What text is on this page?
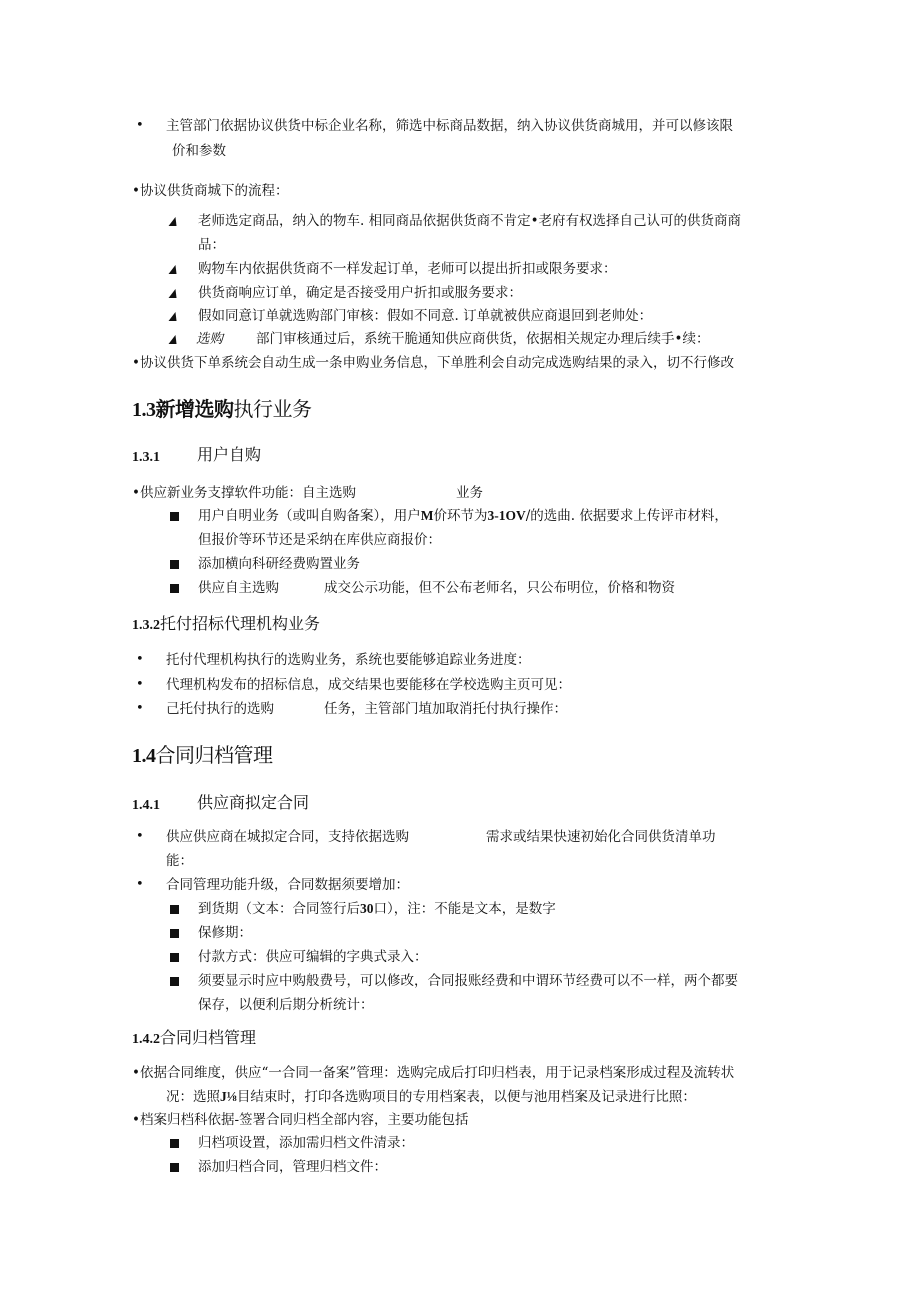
• 主管部门依据协议供货中标企业名称，筛选中标商品数据，纳入协议供货商城用，并可以修该限
价和参数
•协议供货商城下的流程：
老师选定商品，纳入的物车. 相同商品依据供货商不肯定•老府有权选择自己认可的供货商商
品：
购物车内依据供货商不一样发起订单，老师可以提出折扣或限务要求：
供货商响应订单，确定是否接受用户折扣或服务要求：
假如同意订单就选购部门审核：假如不同意. 订单就被供应商退回到老帅处：
选购 部门审核通过后，系统干脆通知供应商供货，依据相关规定办理后续手•续：
•协议供货下单系统会自动生成一条申购业务信息，下单胜利会自动完成选购结果的录入，切不行修改
1.3新增选购执行业务
1.3.1 用户自购
•供应新业务支撑软件功能：自主选购	业务
用户自明业务（或叫自购备案），用户M价环节为3-1OV/的选曲. 依据要求上传评市材料，
但报价等环节还是采纳在库供应商报价：
添加横向科研经费购置业务
供应自主选购	成交公示功能，但不公布老师名，只公布明位，价格和物资
1.3.2托付招标代理机构业务
• 托付代理机构执行的选购业务，系统也要能够追踪业务进度：
• 代理机构发布的招标信息，成交结果也要能移在学校选购主页可见：
• 己托付执行的选购	任务，主管部门埴加取消托付执行操作：
1.4合同归档管理
1.4.1 供应商拟定合同
• 供应供应商在城拟定合同，支持依据选购	需求或结果快速初始化合同供货清单功
能：
• 合同管理功能升级，合同数据须要增加：
到货期（文本：合同签行后30口），注：不能是文本，是数字
保修期：
付款方式：供应可编辑的字典式录入：
须要显示时应中购般费号，可以修改，合同报账经费和中谓环节经费可以不一样，两个都要
保存，以便利后期分析统计：
1.4.2合同归档管理
•依据合同维度，供应“一合同一备案”管理：选购完成后打印归档表，用于记录档案形成过程及流转状
况：选照J⅛目结束时，打印各选购项目的专用档案表，以便与池用档案及记录进行比照：
•档案归档科依据-签署合同归档全部内容，主要功能包括
归档项设置，添加需归档文件清录：
添加归档合同，管理归档文件：
